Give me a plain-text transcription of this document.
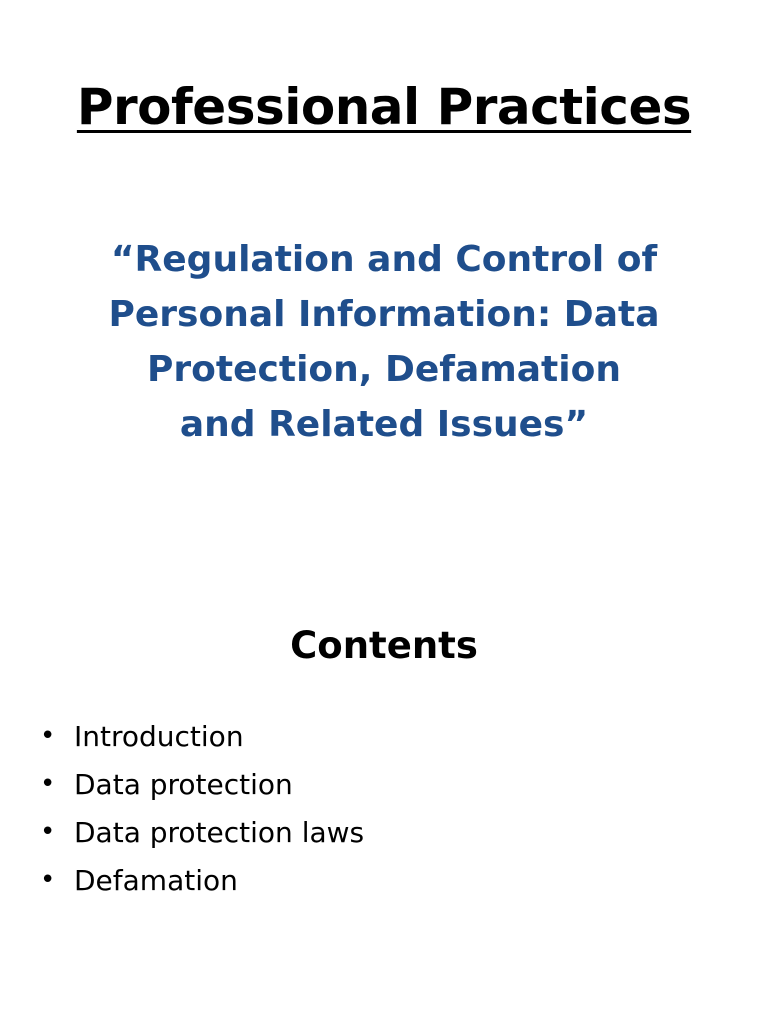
Professional Practices
“Regulation and Control of
Personal Information: Data
Protection, Defamation
and Related Issues”
Contents
• Introduction
• Data protection
• Data protection laws
• Defamation
